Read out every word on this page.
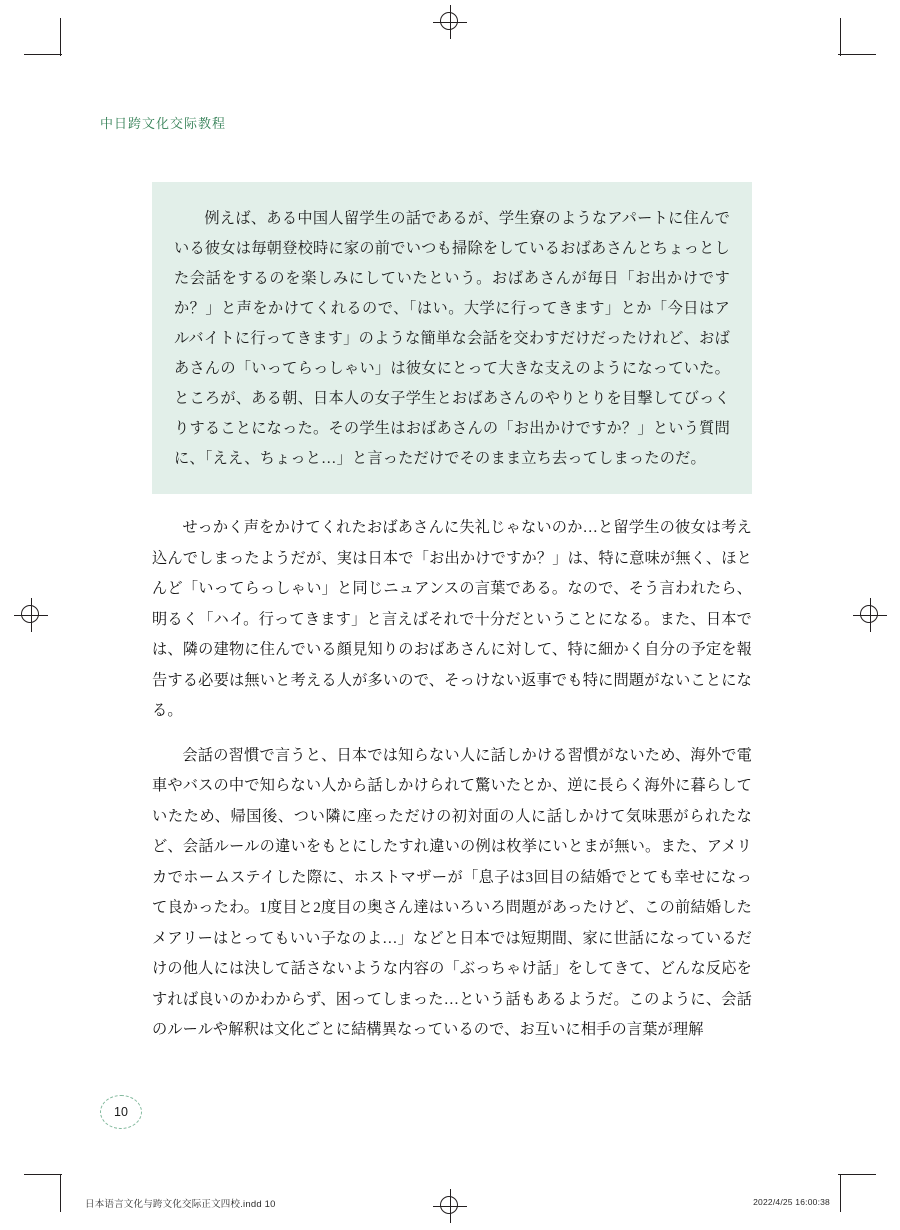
中日跨文化交际教程

例えば、ある中国人留学生の話であるが、学生寮のようなアパートに住んでいる彼女は毎朝登校時に家の前でいつも掃除をしているおばあさんとちょっとした会話をするのを楽しみにしていたという。おばあさんが毎日「お出かけですか？」と声をかけてくれるので、「はい。大学に行ってきます」とか「今日はアルバイトに行ってきます」のような簡単な会話を交わすだけだったけれど、おばあさんの「いってらっしゃい」は彼女にとって大きな支えのようになっていた。ところが、ある朝、日本人の女子学生とおばあさんのやりとりを目撃してびっくりすることになった。その学生はおばあさんの「お出かけですか？」という質問に、「ええ、ちょっと…」と言っただけでそのまま立ち去ってしまったのだ。

せっかく声をかけてくれたおばあさんに失礼じゃないのか…と留学生の彼女は考え込んでしまったようだが、実は日本で「お出かけですか？」は、特に意味が無く、ほとんど「いってらっしゃい」と同じニュアンスの言葉である。なので、そう言われたら、明るく「ハイ。行ってきます」と言えばそれで十分だということになる。また、日本では、隣の建物に住んでいる顔見知りのおばあさんに対して、特に細かく自分の予定を報告する必要は無いと考える人が多いので、そっけない返事でも特に問題がないことになる。

会話の習慣で言うと、日本では知らない人に話しかける習慣がないため、海外で電車やバスの中で知らない人から話しかけられて驚いたとか、逆に長らく海外に暮らしていたため、帰国後、つい隣に座っただけの初対面の人に話しかけて気味悪がられたなど、会話ルールの違いをもとにしたすれ違いの例は枚挙にいとまが無い。また、アメリカでホームステイした際に、ホストマザーが「息子は3回目の結婚でとても幸せになって良かったわ。1度目と2度目の奥さん達はいろいろ問題があったけど、この前結婚したメアリーはとってもいい子なのよ…」などと日本では短期間、家に世話になっているだけの他人には決して話さないような内容の「ぶっちゃけ話」をしてきて、どんな反応をすれば良いのかわからず、困ってしまった…という話もあるようだ。このように、会話のルールや解釈は文化ごとに結構異なっているので、お互いに相手の言葉が理解

10
日本语言文化与跨文化交际正文四校.indd 10	2022/4/25 16:00:38
